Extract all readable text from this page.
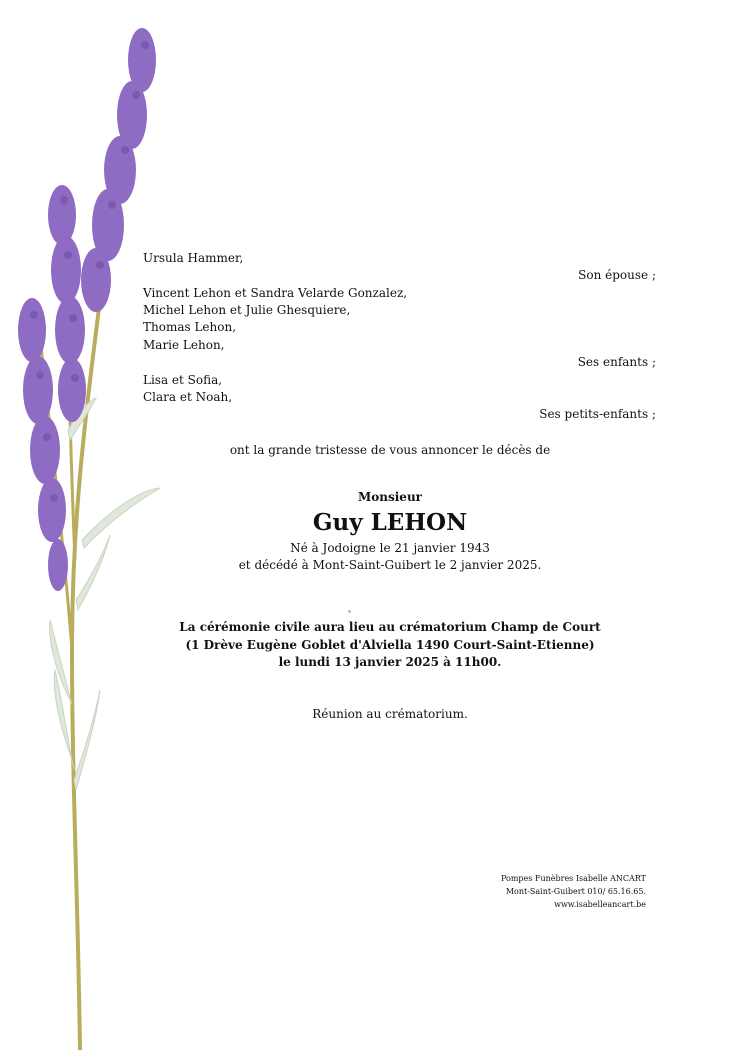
Ursula Hammer,
Son épouse ;
Vincent Lehon et Sandra Velarde Gonzalez,
Michel Lehon et Julie Ghesquiere,
Thomas Lehon,
Marie Lehon,
Ses enfants ;
Lisa et Sofia,
Clara et Noah,
Ses petits-enfants ;
ont la grande tristesse de vous annoncer le décès de
Monsieur
Guy LEHON
Né à Jodoigne le 21 janvier 1943
et décédé à Mont-Saint-Guibert le 2 janvier 2025.
La cérémonie civile aura lieu au crématorium Champ de Court
(1 Drève Eugène Goblet d'Alviella 1490 Court-Saint-Etienne)
le lundi 13 janvier 2025 à 11h00.
Réunion au crématorium.
Pompes Funèbres Isabelle ANCART
Mont-Saint-Guibert 010/ 65.16.65.
www.isabelleancart.be
